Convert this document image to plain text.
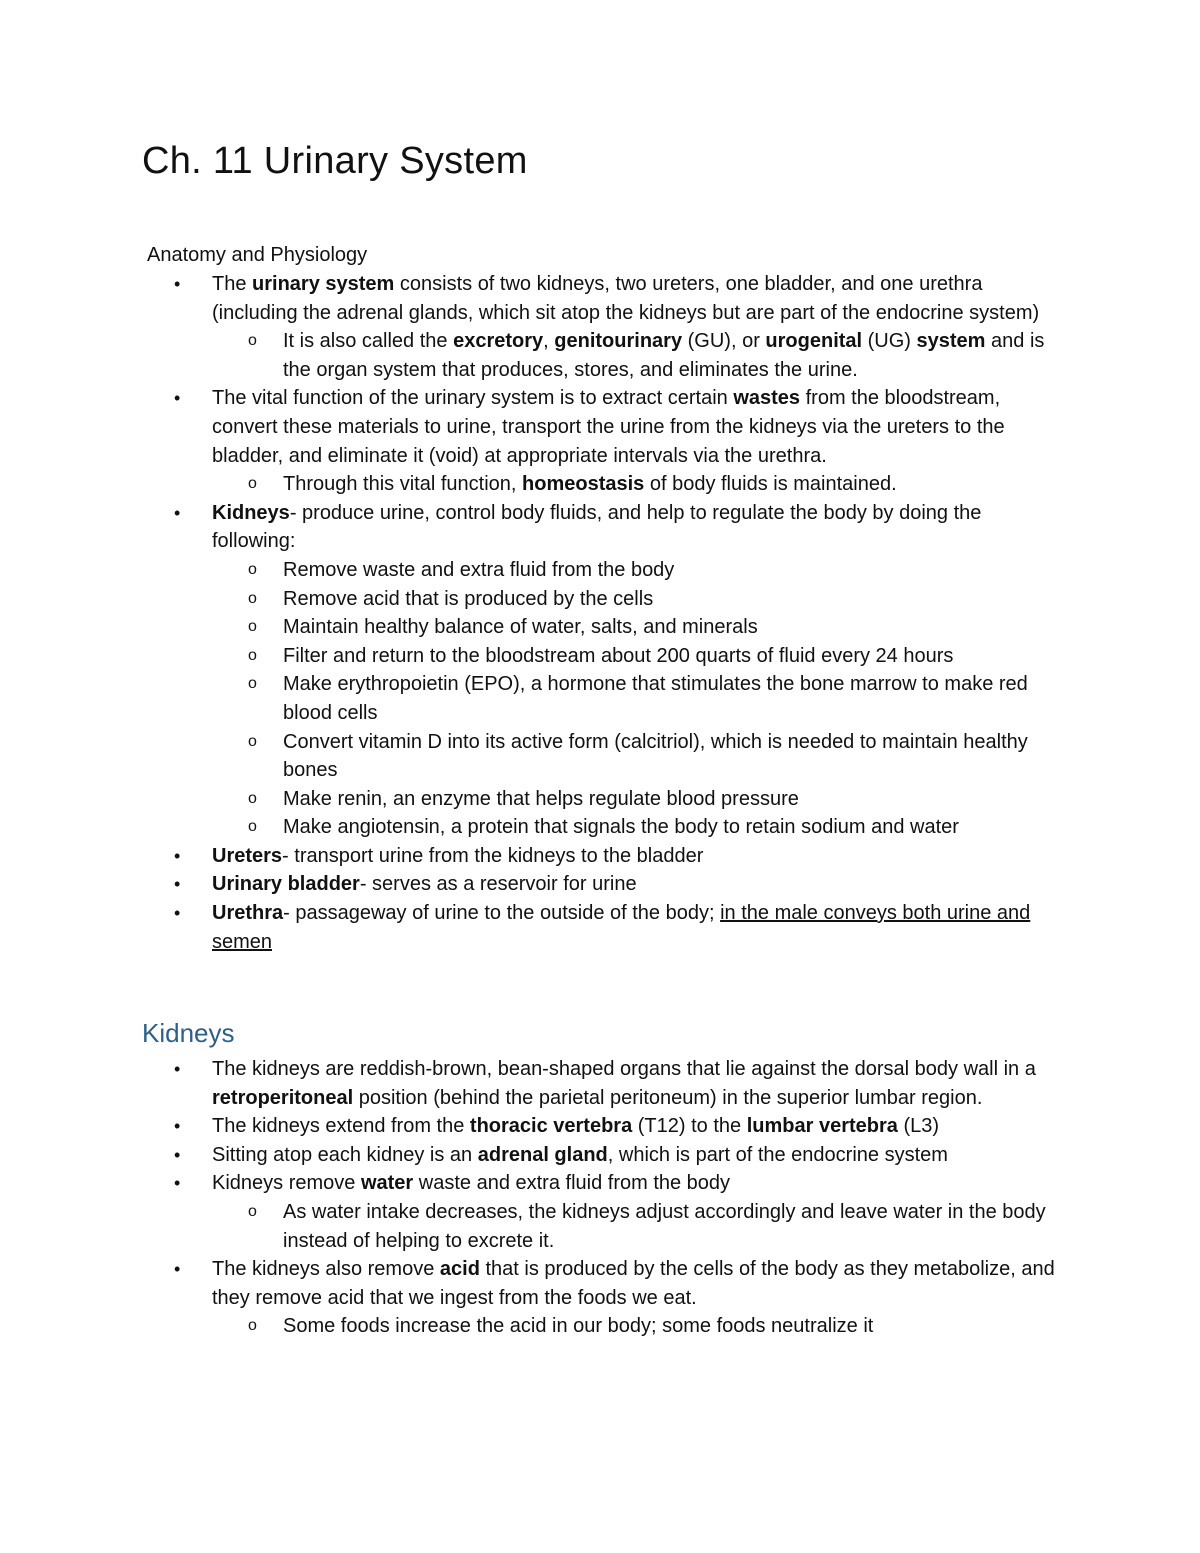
Ch. 11 Urinary System
Anatomy and Physiology
• The urinary system consists of two kidneys, two ureters, one bladder, and one urethra (including the adrenal glands, which sit atop the kidneys but are part of the endocrine system)
o It is also called the excretory, genitourinary (GU), or urogenital (UG) system and is the organ system that produces, stores, and eliminates the urine.
• The vital function of the urinary system is to extract certain wastes from the bloodstream, convert these materials to urine, transport the urine from the kidneys via the ureters to the bladder, and eliminate it (void) at appropriate intervals via the urethra.
o Through this vital function, homeostasis of body fluids is maintained.
• Kidneys- produce urine, control body fluids, and help to regulate the body by doing the following:
o Remove waste and extra fluid from the body
o Remove acid that is produced by the cells
o Maintain healthy balance of water, salts, and minerals
o Filter and return to the bloodstream about 200 quarts of fluid every 24 hours
o Make erythropoietin (EPO), a hormone that stimulates the bone marrow to make red blood cells
o Convert vitamin D into its active form (calcitriol), which is needed to maintain healthy bones
o Make renin, an enzyme that helps regulate blood pressure
o Make angiotensin, a protein that signals the body to retain sodium and water
• Ureters- transport urine from the kidneys to the bladder
• Urinary bladder- serves as a reservoir for urine
• Urethra- passageway of urine to the outside of the body; in the male conveys both urine and semen
Kidneys
• The kidneys are reddish-brown, bean-shaped organs that lie against the dorsal body wall in a retroperitoneal position (behind the parietal peritoneum) in the superior lumbar region.
• The kidneys extend from the thoracic vertebra (T12) to the lumbar vertebra (L3)
• Sitting atop each kidney is an adrenal gland, which is part of the endocrine system
• Kidneys remove water waste and extra fluid from the body
o As water intake decreases, the kidneys adjust accordingly and leave water in the body instead of helping to excrete it.
• The kidneys also remove acid that is produced by the cells of the body as they metabolize, and they remove acid that we ingest from the foods we eat.
o Some foods increase the acid in our body; some foods neutralize it
